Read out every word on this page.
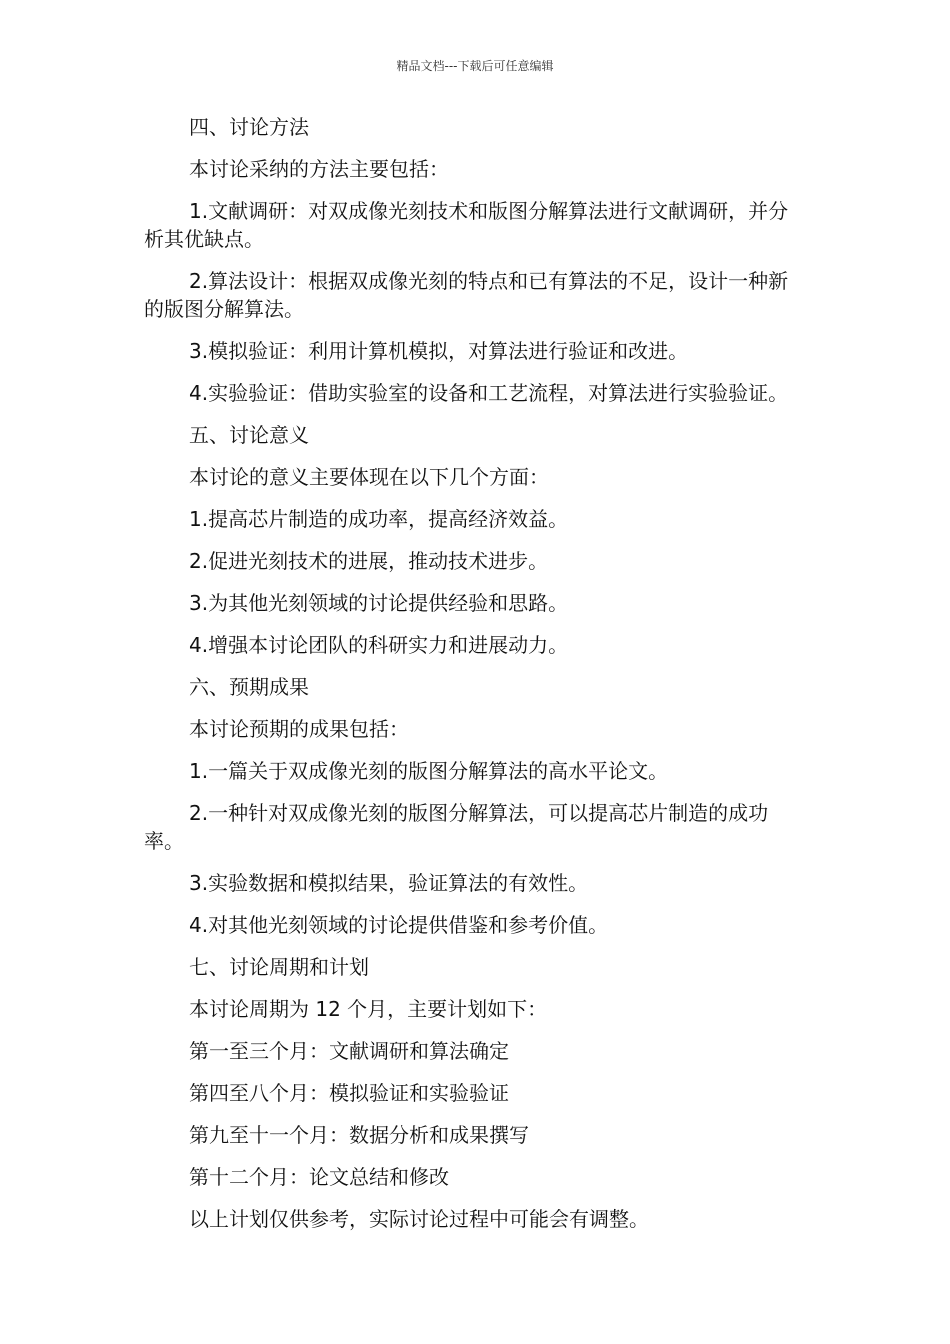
精品文档---下载后可任意编辑

四、讨论方法

本讨论采纳的方法主要包括：

1.文献调研：对双成像光刻技术和版图分解算法进行文献调研，并分析其优缺点。

2.算法设计：根据双成像光刻的特点和已有算法的不足，设计一种新的版图分解算法。

3.模拟验证：利用计算机模拟，对算法进行验证和改进。

4.实验验证：借助实验室的设备和工艺流程，对算法进行实验验证。

五、讨论意义

本讨论的意义主要体现在以下几个方面：

1.提高芯片制造的成功率，提高经济效益。

2.促进光刻技术的进展，推动技术进步。

3.为其他光刻领域的讨论提供经验和思路。

4.增强本讨论团队的科研实力和进展动力。

六、预期成果

本讨论预期的成果包括：

1.一篇关于双成像光刻的版图分解算法的高水平论文。

2.一种针对双成像光刻的版图分解算法，可以提高芯片制造的成功率。

3.实验数据和模拟结果，验证算法的有效性。

4.对其他光刻领域的讨论提供借鉴和参考价值。

七、讨论周期和计划

本讨论周期为 12 个月，主要计划如下：

第一至三个月：文献调研和算法确定

第四至八个月：模拟验证和实验验证

第九至十一个月：数据分析和成果撰写

第十二个月：论文总结和修改

以上计划仅供参考，实际讨论过程中可能会有调整。
